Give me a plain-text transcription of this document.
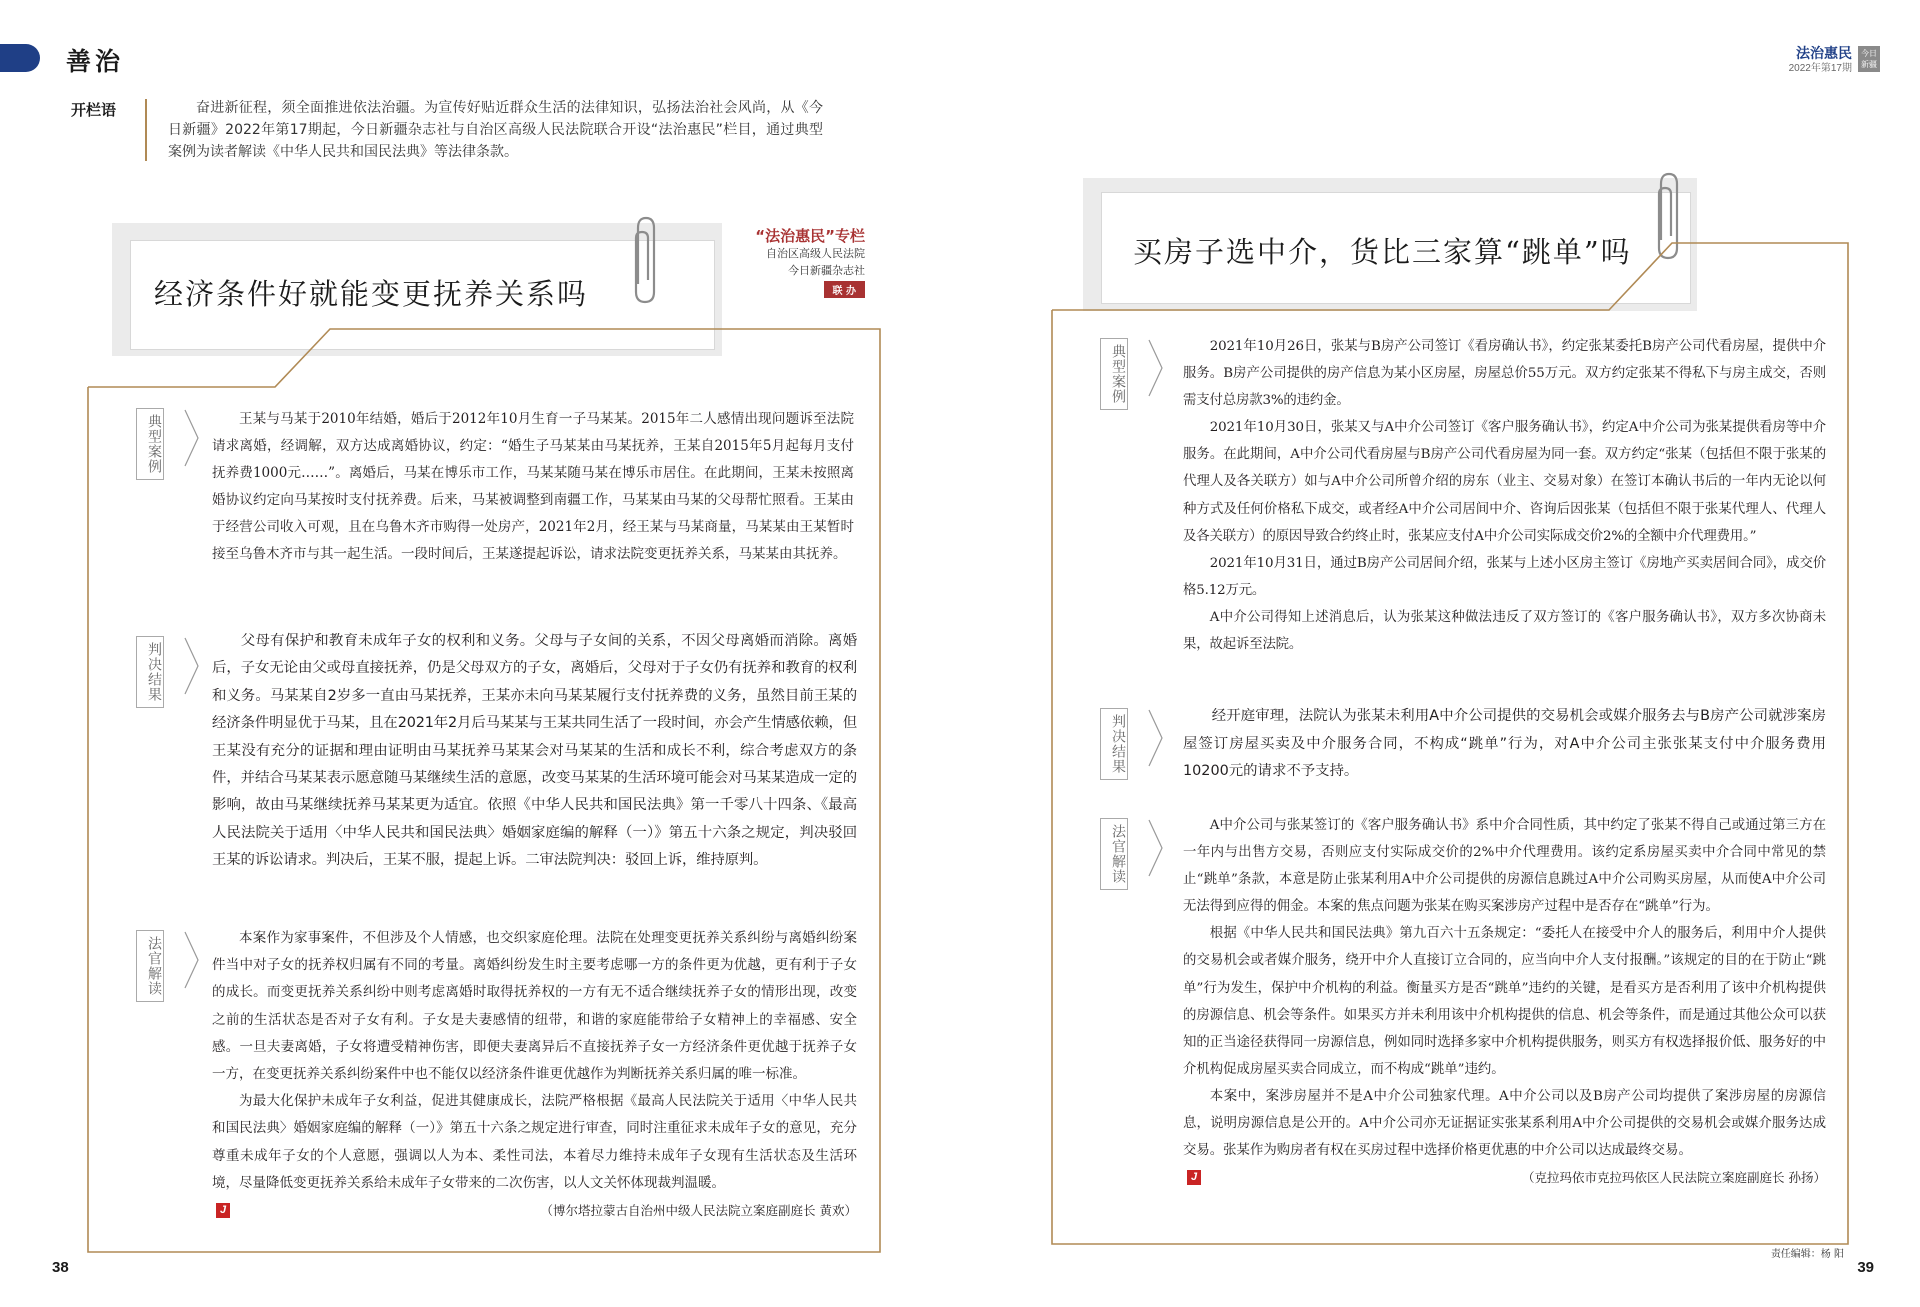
善治	法治惠民
2022年第17期
今日新疆
开栏语	奋进新征程，须全面推进依法治疆。为宣传好贴近群众生活的法律知识，弘扬法治社会风尚，从《今日新疆》2022年第17期起，今日新疆杂志社与自治区高级人民法院联合开设“法治惠民”栏目，通过典型案例为读者解读《中华人民共和国民法典》等法律条款。
经济条件好就能变更抚养关系吗
“法治惠民”专栏
自治区高级人民法院
今日新疆杂志社
联 办
典型案例	王某与马某于2010年结婚，婚后于2012年10月生育一子马某某。2015年二人感情出现问题诉至法院请求离婚，经调解，双方达成离婚协议，约定：“婚生子马某某由马某抚养，王某自2015年5月起每月支付抚养费1000元……”。离婚后，马某在博乐市工作，马某某随马某在博乐市居住。在此期间，王某未按照离婚协议约定向马某按时支付抚养费。后来，马某被调整到南疆工作，马某某由马某的父母帮忙照看。王某由于经营公司收入可观，且在乌鲁木齐市购得一处房产，2021年2月，经王某与马某商量，马某某由王某暂时接至乌鲁木齐市与其一起生活。一段时间后，王某遂提起诉讼，请求法院变更抚养关系，马某某由其抚养。

判决结果

父母有保护和教育未成年子女的权利和义务。父母与子女间的关系，不因父母离婚而消除。离婚后，子女无论由父或母直接抚养，仍是父母双方的子女，离婚后，父母对于子女仍有抚养和教育的权利和义务。马某某自2岁多一直由马某抚养，王某亦未向马某某履行支付抚养费的义务，虽然目前王某的经济条件明显优于马某，且在2021年2月后马某某与王某共同生活了一段时间，亦会产生情感依赖，但王某没有充分的证据和理由证明由马某抚养马某某会对马某某的生活和成长不利，综合考虑双方的条件，并结合马某某表示愿意随马某继续生活的意愿，改变马某某的生活环境可能会对马某某造成一定的影响，故由马某继续抚养马某某更为适宜。依照《中华人民共和国民法典》第一千零八十四条、《最高人民法院关于适用〈中华人民共和国民法典〉婚姻家庭编的解释（一）》第五十六条之规定，判决驳回王某的诉讼请求。判决后，王某不服，提起上诉。二审法院判决：驳回上诉，维持原判。

法官解读	本案作为家事案件，不但涉及个人情感，也交织家庭伦理。法院在处理变更抚养关系纠纷与离婚纠纷案件当中对子女的抚养权归属有不同的考量。离婚纠纷发生时主要考虑哪一方的条件更为优越，更有利于子女的成长。而变更抚养关系纠纷中则考虑离婚时取得抚养权的一方有无不适合继续抚养子女的情形出现，改变之前的生活状态是否对子女有利。子女是夫妻感情的纽带，和谐的家庭能带给子女精神上的幸福感、安全感。一旦夫妻离婚，子女将遭受精神伤害，即便夫妻离异后不直接抚养子女一方经济条件更优越于抚养子女一方，在变更抚养关系纠纷案件中也不能仅以经济条件谁更优越作为判断抚养关系归属的唯一标准。

为最大化保护未成年子女利益，促进其健康成长，法院严格根据《最高人民法院关于适用〈中华人民共和国民法典〉婚姻家庭编的解释（一）》第五十六条之规定进行审查，同时注重征求未成年子女的意见，充分尊重未成年子女的个人意愿，强调以人为本、柔性司法，本着尽力维持未成年子女现有生活状态及生活环境，尽量降低变更抚养关系给未成年子女带来的二次伤害，以人文关怀体现裁判温暖。

J	（博尔塔拉蒙古自治州中级人民法院立案庭副庭长 黄欢）
买房子选中介，货比三家算“跳单”吗
典型案例	2021年10月26日，张某与B房产公司签订《看房确认书》，约定张某委托B房产公司代看房屋，提供中介服务。B房产公司提供的房产信息为某小区房屋，房屋总价55万元。双方约定张某不得私下与房主成交，否则需支付总房款3%的违约金。

2021年10月30日，张某又与A中介公司签订《客户服务确认书》，约定A中介公司为张某提供看房等中介服务。在此期间，A中介公司代看房屋与B房产公司代看房屋为同一套。双方约定“张某（包括但不限于张某的代理人及各关联方）如与A中介公司所曾介绍的房东（业主、交易对象）在签订本确认书后的一年内无论以何种方式及任何价格私下成交，或者经A中介公司居间中介、咨询后因张某（包括但不限于张某代理人、代理人及各关联方）的原因导致合约终止时，张某应支付A中介公司实际成交价2%的全额中介代理费用。”

2021年10月31日，通过B房产公司居间介绍，张某与上述小区房主签订《房地产买卖居间合同》，成交价格5.12万元。

A中介公司得知上述消息后，认为张某这种做法违反了双方签订的《客户服务确认书》，双方多次协商未果，故起诉至法院。

判决结果	经开庭审理，法院认为张某未利用A中介公司提供的交易机会或媒介服务去与B房产公司就涉案房屋签订房屋买卖及中介服务合同，不构成“跳单”行为，对A中介公司主张张某支付中介服务费用10200元的请求不予支持。

法官解读	A中介公司与张某签订的《客户服务确认书》系中介合同性质，其中约定了张某不得自己或通过第三方在一年内与出售方交易，否则应支付实际成交价的2%中介代理费用。该约定系房屋买卖中介合同中常见的禁止“跳单”条款，本意是防止张某利用A中介公司提供的房源信息跳过A中介公司购买房屋，从而使A中介公司无法得到应得的佣金。本案的焦点问题为张某在购买案涉房产过程中是否存在“跳单”行为。

根据《中华人民共和国民法典》第九百六十五条规定：“委托人在接受中介人的服务后，利用中介人提供的交易机会或者媒介服务，绕开中介人直接订立合同的，应当向中介人支付报酬。”该规定的目的在于防止“跳单”行为发生，保护中介机构的利益。衡量买方是否“跳单”违约的关键，是看买方是否利用了该中介机构提供的房源信息、机会等条件。如果买方并未利用该中介机构提供的信息、机会等条件，而是通过其他公众可以获知的正当途径获得同一房源信息，例如同时选择多家中介机构提供服务，则买方有权选择报价低、服务好的中介机构促成房屋买卖合同成立，而不构成“跳单”违约。

本案中，案涉房屋并不是A中介公司独家代理。A中介公司以及B房产公司均提供了案涉房屋的房源信息，说明房源信息是公开的。A中介公司亦无证据证实张某系利用A中介公司提供的交易机会或媒介服务达成交易。张某作为购房者有权在买房过程中选择价格更优惠的中介公司以达成最终交易。

J	（克拉玛依市克拉玛依区人民法院立案庭副庭长 孙扬）
38	39
责任编辑：杨 阳
